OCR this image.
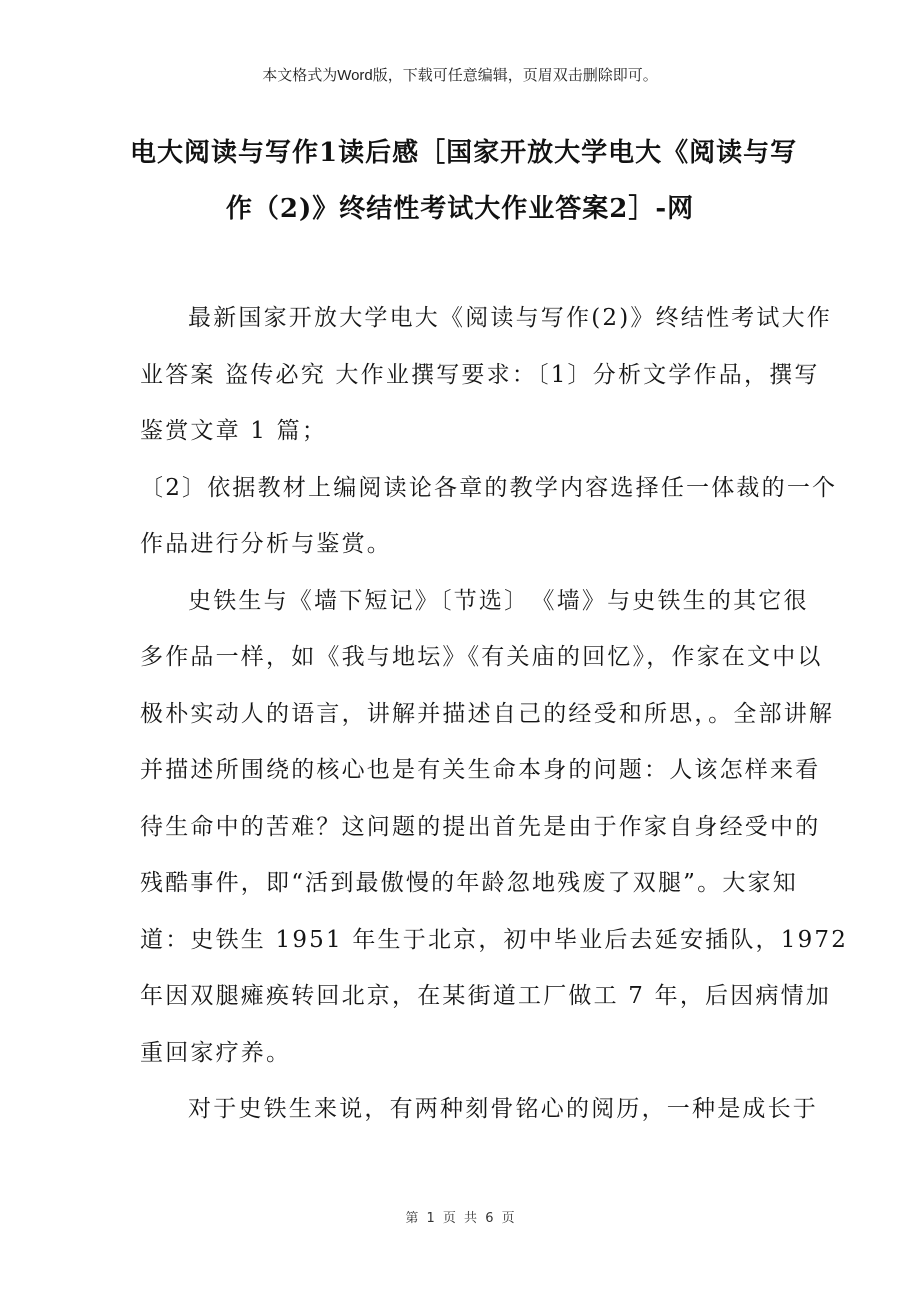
本文格式为Word版，下载可任意编辑，页眉双击删除即可。
电大阅读与写作1读后感［国家开放大学电大《阅读与写
作（2)》终结性考试大作业答案2］-网

最新国家开放大学电大《阅读与写作(2)》终结性考试大作
业答案 盗传必究 大作业撰写要求：〔1〕分析文学作品，撰写
鉴赏文章 1 篇；

〔2〕依据教材上编阅读论各章的教学内容选择任一体裁的一个
作品进行分析与鉴赏。

史铁生与《墙下短记》〔节选〕　《墙》与史铁生的其它很
多作品一样，如《我与地坛》《有关庙的回忆》，作家在文中以
极朴实动人的语言，讲解并描述自己的经受和所思，。全部讲解
并描述所围绕的核心也是有关生命本身的问题：人该怎样来看
待生命中的苦难？这问题的提出首先是由于作家自身经受中的
残酷事件，即“活到最傲慢的年龄忽地残废了双腿”。大家知
道：史铁生 1951 年生于北京，初中毕业后去延安插队，1972
年因双腿瘫痪转回北京，在某街道工厂做工 7 年，后因病情加
重回家疗养。

对于史铁生来说，有两种刻骨铭心的阅历，一种是成长于

第 1 页 共 6 页
